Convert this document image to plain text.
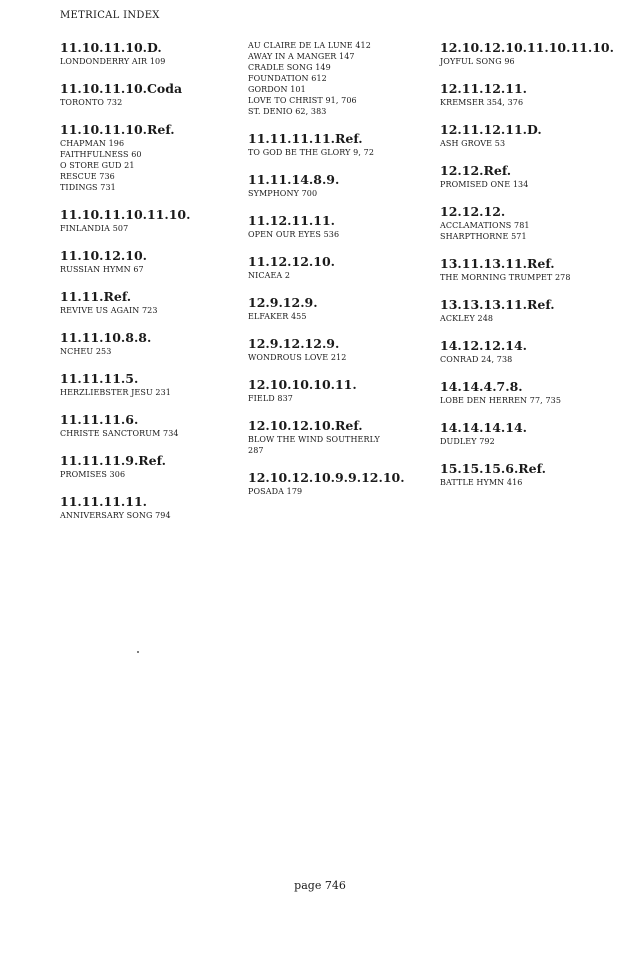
METRICAL INDEX
11.10.11.10.D.
LONDONDERRY AIR 109
11.10.11.10.Coda
TORONTO 732
11.10.11.10.Ref.
CHAPMAN 196
FAITHFULNESS 60
O STORE GUD 21
RESCUE 736
TIDINGS 731
11.10.11.10.11.10.
FINLANDIA 507
11.10.12.10.
RUSSIAN HYMN 67
11.11.Ref.
REVIVE US AGAIN 723
11.11.10.8.8.
NCHEU 253
11.11.11.5.
HERZLIEBSTER JESU 231
11.11.11.6.
CHRISTE SANCTORUM 734
11.11.11.9.Ref.
PROMISES 306
11.11.11.11.
ANNIVERSARY SONG 794
AU CLAIRE DE LA LUNE 412
AWAY IN A MANGER 147
CRADLE SONG 149
FOUNDATION 612
GORDON 101
LOVE TO CHRIST 91, 706
ST. DENIO 62, 383
11.11.11.11.Ref.
TO GOD BE THE GLORY 9, 72
11.11.14.8.9.
SYMPHONY 700
11.12.11.11.
OPEN OUR EYES 536
11.12.12.10.
NICAEA 2
12.9.12.9.
ELFAKER 455
12.9.12.12.9.
WONDROUS LOVE 212
12.10.10.10.11.
FIELD 837
12.10.12.10.Ref.
BLOW THE WIND SOUTHERLY
287
12.10.12.10.9.9.12.10.
POSADA 179
12.10.12.10.11.10.11.10.
JOYFUL SONG 96
12.11.12.11.
KREMSER 354, 376
12.11.12.11.D.
ASH GROVE 53
12.12.Ref.
PROMISED ONE 134
12.12.12.
ACCLAMATIONS 781
SHARPTHORNE 571
13.11.13.11.Ref.
THE MORNING TRUMPET 278
13.13.13.11.Ref.
ACKLEY 248
14.12.12.14.
CONRAD 24, 738
14.14.4.7.8.
LOBE DEN HERREN 77, 735
14.14.14.14.
DUDLEY 792
15.15.15.6.Ref.
BATTLE HYMN 416
page 746
